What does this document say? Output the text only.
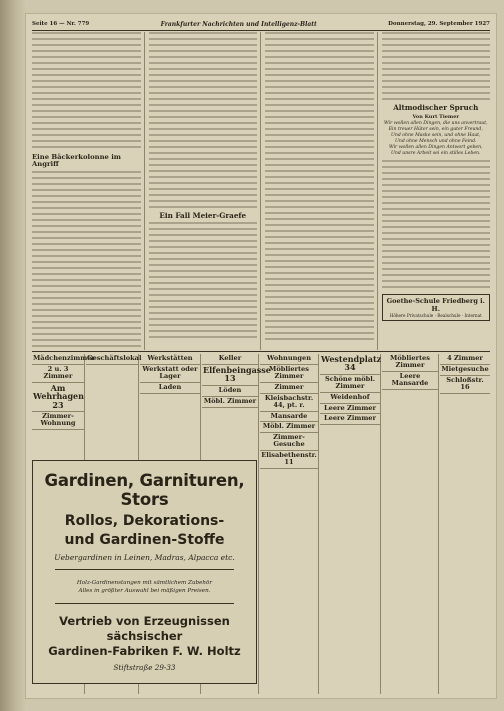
Seite 16 — Nr. 779	Frankfurter Nachrichten und Intelligenz-Blatt	Donnerstag, 29. September 1927
Eine Bäckerkolonne im Angriff
Ein Fall Meier-Graefe
Altmodischer Spruch
Von Kurt Tiemer
Wir wollen allen Dingen, die uns anvertraut,
Ein treuer Hüter sein, ein guter Freund,
Und ohne Maske sein, und ohne Haut,
Und ohne Mensch und ohne Feind.
Wir wollen allen Dingen Antwort geben,
Und unsre Arbeit sei ein stilles Leben.
Goethe-Schule Friedberg i. H.
Höhere Privatschule · Realschule · Internat
Mädchenzimmer
2 u. 3 Zimmer
Am Wehrhagen 23
Zimmer-Wohnung
Geschäftslokal Werkstätten
Werkstatt oder Lager
Laden
Keller
Elfenbeingasse 13
Löden
Möbl. Zimmer
Wohnungen
Möbliertes Zimmer
Zimmer
Kleisbachstr. 44, pt. r.
Mansarde
Möbl. Zimmer
Zimmer-Gesuche
Elisabethenstr. 11
Westendplatz 34
Schöne möbl. Zimmer
Weidenhof
Leere Zimmer
Leere Zimmer
Möbliertes Zimmer
Leere Mansarde
4 Zimmer
Mietgesuche
Schloßstr. 16
Gardinen, Garnituren, Stors
Rollos, Dekorations-
und Gardinen-Stoffe
Uebergardinen in Leinen, Madras, Alpacca etc.
Holz-Gardinenstangen mit sämtlichem Zubehör
Alles in größter Auswahl bei mäßigen Preisen.
Vertrieb von Erzeugnissen sächsischer
Gardinen-Fabriken F. W. Holtz
Stiftstraße 29-33
